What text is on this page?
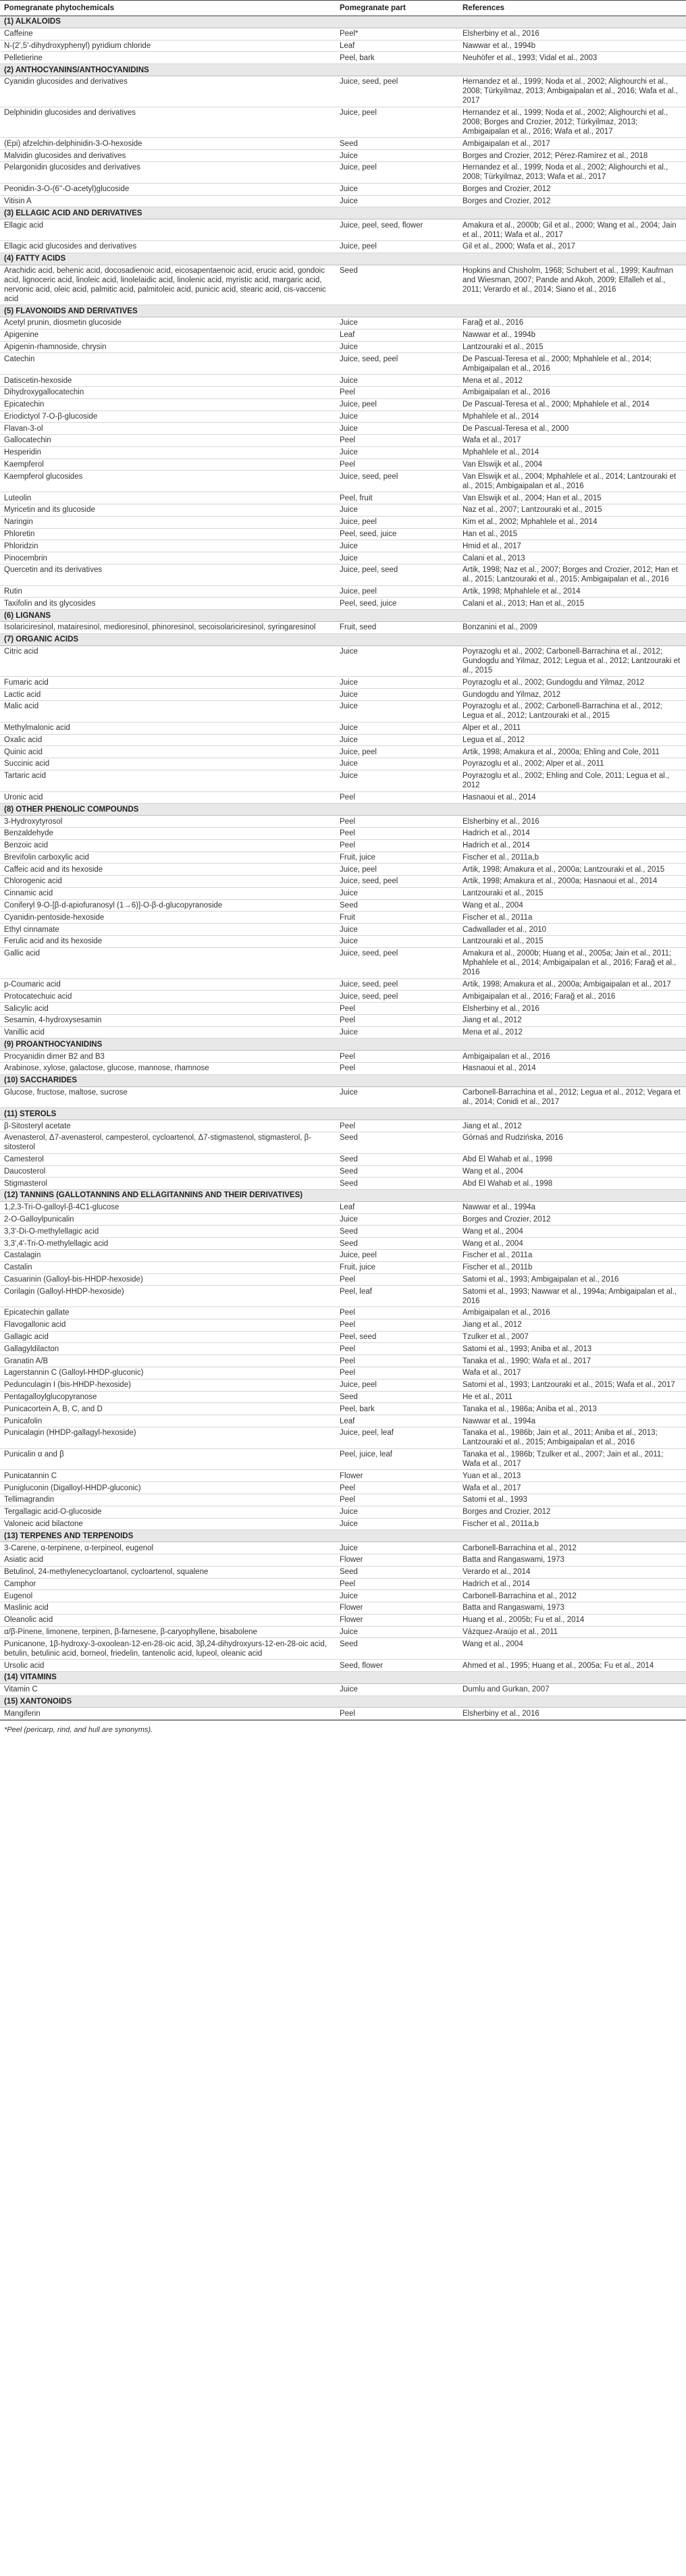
Pomegranate phytochemicals	Pomegranate part	References
(1) ALKALOIDS		
Caffeine	Peel*	Elsherbiny et al., 2016
N-(2',5'-dihydroxyphenyl) pyridium chloride	Leaf	Nawwar et al., 1994b
Pelletierine	Peel, bark	Neuhöfer et al., 1993; Vidal et al., 2003
(2) ANTHOCYANINS/ANTHOCYANIDINS		
Cyanidin glucosides and derivatives	Juice, seed, peel	Hernandez et al., 1999; Noda et al., 2002; Alighourchi et al., 2008; Türkyilmaz, 2013; Ambigaipalan et al., 2016; Wafa et al., 2017
Delphinidin glucosides and derivatives	Juice, peel	Hernandez et al., 1999; Noda et al., 2002; Alighourchi et al., 2008; Borges and Crozier, 2012; Türkyilmaz, 2013; Ambigaipalan et al., 2016; Wafa et al., 2017
(Epi) afzelchin-delphinidin-3-O-hexoside	Seed	Ambigaipalan et al., 2017
Malvidin glucosides and derivatives	Juice	Borges and Crozier, 2012; Pérez-Ramírez et al., 2018
Pelargonidin glucosides and derivatives	Juice, peel	Hernandez et al., 1999; Noda et al., 2002; Alighourchi et al., 2008; Türkyilmaz, 2013; Wafa et al., 2017
Peonidin-3-O-(6''-O-acetyl)glucoside	Juice	Borges and Crozier, 2012
Vitisin A	Juice	Borges and Crozier, 2012
(3) ELLAGIC ACID AND DERIVATIVES		
Ellagic acid	Juice, peel, seed, flower	Amakura et al., 2000b; Gil et al., 2000; Wang et al., 2004; Jain et al., 2011; Wafa et al., 2017
Ellagic acid glucosides and derivatives	Juice, peel	Gil et al., 2000; Wafa et al., 2017
(4) FATTY ACIDS		
Arachidic acid, behenic acid, docosadienoic acid, eicosapentaenoic acid, erucic acid, gondoic acid, lignoceric acid, linoleic acid, linolelaidic acid, linolenic acid, myristic acid, margaric acid, nervonic acid, oleic acid, palmitic acid, palmitoleic acid, punicic acid, stearic acid, cis-vaccenic acid	Seed	Hopkins and Chisholm, 1968; Schubert et al., 1999; Kaufman and Wiesman, 2007; Pande and Akoh, 2009; Elfalleh et al., 2011; Verardo et al., 2014; Siano et al., 2016
(5) FLAVONOIDS AND DERIVATIVES		
Acetyl prunin, diosmetin glucoside	Juice	Farağ et al., 2016
Apigenine	Leaf	Nawwar et al., 1994b
Apigenin-rhamnoside, chrysin	Juice	Lantzouraki et al., 2015
Catechin	Juice, seed, peel	De Pascual-Teresa et al., 2000; Mphahlele et al., 2014; Ambigaipalan et al., 2016
Datiscetin-hexoside	Juice	Mena et al., 2012
Dihydroxygallocatechin	Peel	Ambigaipalan et al., 2016
Epicatechin	Juice, peel	De Pascual-Teresa et al., 2000; Mphahlele et al., 2014
Eriodictyol 7-O-β-glucoside	Juice	Mphahlele et al., 2014
Flavan-3-ol	Juice	De Pascual-Teresa et al., 2000
Gallocatechin	Peel	Wafa et al., 2017
Hesperidin	Juice	Mphahlele et al., 2014
Kaempferol	Peel	Van Elswijk et al., 2004
Kaempferol glucosides	Juice, seed, peel	Van Elswijk et al., 2004; Mphahlele et al., 2014; Lantzouraki et al., 2015; Ambigaipalan et al., 2016
Luteolin	Peel, fruit	Van Elswijk et al., 2004; Han et al., 2015
Myricetin and its glucoside	Juice	Naz et al., 2007; Lantzouraki et al., 2015
Naringin	Juice, peel	Kim et al., 2002; Mphahlele et al., 2014
Phloretin	Peel, seed, juice	Han et al., 2015
Phloridzin	Juice	Hmid et al., 2017
Pinocembrin	Juice	Calani et al., 2013
Quercetin and its derivatives	Juice, peel, seed	Artik, 1998; Naz et al., 2007; Borges and Crozier, 2012; Han et al., 2015; Lantzouraki et al., 2015; Ambigaipalan et al., 2016
Rutin	Juice, peel	Artik, 1998; Mphahlele et al., 2014
Taxifolin and its glycosides	Peel, seed, juice	Calani et al., 2013; Han et al., 2015
(6) LIGNANS		
Isolariciresinol, matairesinol, medioresinol, phinoresinol, secoisolariciresinol, syringaresinol	Fruit, seed	Bonzanini et al., 2009
(7) ORGANIC ACIDS		
Citric acid	Juice	Poyrazoglu et al., 2002; Carbonell-Barrachina et al., 2012; Gundogdu and Yilmaz, 2012; Legua et al., 2012; Lantzouraki et al., 2015
Fumaric acid	Juice	Poyrazoglu et al., 2002; Gundogdu and Yilmaz, 2012
Lactic acid	Juice	Gundogdu and Yilmaz, 2012
Malic acid	Juice	Poyrazoglu et al., 2002; Carbonell-Barrachina et al., 2012; Legua et al., 2012; Lantzouraki et al., 2015
Methylmalonic acid	Juice	Alper et al., 2011
Oxalic acid	Juice	Legua et al., 2012
Quinic acid	Juice, peel	Artik, 1998; Amakura et al., 2000a; Ehling and Cole, 2011
Succinic acid	Juice	Poyrazoglu et al., 2002; Alper et al., 2011
Tartaric acid	Juice	Poyrazoglu et al., 2002; Ehling and Cole, 2011; Legua et al., 2012
Uronic acid	Peel	Hasnaoui et al., 2014
(8) OTHER PHENOLIC COMPOUNDS		
3-Hydroxytyrosol	Peel	Elsherbiny et al., 2016
Benzaldehyde	Peel	Hadrich et al., 2014
Benzoic acid	Peel	Hadrich et al., 2014
Brevifolin carboxylic acid	Fruit, juice	Fischer et al., 2011a,b
Caffeic acid and its hexoside	Juice, peel	Artik, 1998; Amakura et al., 2000a; Lantzouraki et al., 2015
Chlorogenic acid	Juice, seed, peel	Artik, 1998; Amakura et al., 2000a; Hasnaoui et al., 2014
Cinnamic acid	Juice	Lantzouraki et al., 2015
Coniferyl 9-O-[β-d-apiofuranosyl (1→6)]-O-β-d-glucopyranoside	Seed	Wang et al., 2004
Cyanidin-pentoside-hexoside	Fruit	Fischer et al., 2011a
Ethyl cinnamate	Juice	Cadwallader et al., 2010
Ferulic acid and its hexoside	Juice	Lantzouraki et al., 2015
Gallic acid	Juice, seed, peel	Amakura et al., 2000b; Huang et al., 2005a; Jain et al., 2011; Mphahlele et al., 2014; Ambigaipalan et al., 2016; Farağ et al., 2016
p-Coumaric acid	Juice, seed, peel	Artik, 1998; Amakura et al., 2000a; Ambigaipalan et al., 2017
Protocatechuic acid	Juice, seed, peel	Ambigaipalan et al., 2016; Farağ et al., 2016
Salicylic acid	Peel	Elsherbiny et al., 2016
Sesamin, 4-hydroxysesamin	Peel	Jiang et al., 2012
Vanillic acid	Juice	Mena et al., 2012
(9) PROANTHOCYANIDINS		
Procyanidin dimer B2 and B3	Peel	Ambigaipalan et al., 2016
Arabinose, xylose, galactose, glucose, mannose, rhamnose	Peel	Hasnaoui et al., 2014
(10) SACCHARIDES		
Glucose, fructose, maltose, sucrose	Juice	Carbonell-Barrachina et al., 2012; Legua et al., 2012; Vegara et al., 2014; Conidi et al., 2017
(11) STEROLS		
β-Sitosteryl acetate	Peel	Jiang et al., 2012
Avenasterol, Δ7-avenasterol, campesterol, cycloartenol, Δ7-stigmastenol, stigmasterol, β-sitosterol	Seed	Górnaś and Rudzińska, 2016
Camesterol	Seed	Abd El Wahab et al., 1998
Daucosterol	Seed	Wang et al., 2004
Stigmasterol	Seed	Abd El Wahab et al., 1998
(12) TANNINS (GALLOTANNINS AND ELLAGITANNINS AND THEIR DERIVATIVES)		
1,2,3-Tri-O-galloyl-β-4C1-glucose	Leaf	Nawwar et al., 1994a
2-O-Galloylpunicalin	Juice	Borges and Crozier, 2012
3,3'-Di-O-methylellagic acid	Seed	Wang et al., 2004
3,3',4'-Tri-O-methylellagic acid	Seed	Wang et al., 2004
Castalagin	Juice, peel	Fischer et al., 2011a
Castalin	Fruit, juice	Fischer et al., 2011b
Casuarinin (Galloyl-bis-HHDP-hexoside)	Peel	Satomi et al., 1993; Ambigaipalan et al., 2016
Corilagin (Galloyl-HHDP-hexoside)	Peel, leaf	Satomi et al., 1993; Nawwar et al., 1994a; Ambigaipalan et al., 2016
Epicatechin gallate	Peel	Ambigaipalan et al., 2016
Flavogallonic acid	Peel	Jiang et al., 2012
Gallagic acid	Peel, seed	Tzulker et al., 2007
Gallagyldilacton	Peel	Satomi et al., 1993; Aniba et al., 2013
Granatin A/B	Peel	Tanaka et al., 1990; Wafa et al., 2017
Lagerstannin C (Galloyl-HHDP-gluconic)	Peel	Wafa et al., 2017
Pedunculagin I (bis-HHDP-hexoside)	Juice, peel	Satomi et al., 1993; Lantzouraki et al., 2015; Wafa et al., 2017
Pentagalloylglucopyranose	Seed	He et al., 2011
Punicacortein A, B, C, and D	Peel, bark	Tanaka et al., 1986a; Aniba et al., 2013
Punicafolin	Leaf	Nawwar et al., 1994a
Punicalagin (HHDP-gallagyl-hexoside)	Juice, peel, leaf	Tanaka et al., 1986b; Jain et al., 2011; Aniba et al., 2013; Lantzouraki et al., 2015; Ambigaipalan et al., 2016
Punicalin α and β	Peel, juice, leaf	Tanaka et al., 1986b; Tzulker et al., 2007; Jain et al., 2011; Wafa et al., 2017
Punicatannin C	Flower	Yuan et al., 2013
Punigluconin (Digalloyl-HHDP-gluconic)	Peel	Wafa et al., 2017
Tellimagrandin	Peel	Satomi et al., 1993
Tergallagic acid-O-glucoside	Juice	Borges and Crozier, 2012
Valoneic acid bilactone	Juice	Fischer et al., 2011a,b
(13) TERPENES AND TERPENOIDS		
3-Carene, α-terpinene, α-terpineol, eugenol	Juice	Carbonell-Barrachina et al., 2012
Asiatic acid	Flower	Batta and Rangaswami, 1973
Betulinol, 24-methylenecycloartanol, cycloartenol, squalene	Seed	Verardo et al., 2014
Camphor	Peel	Hadrich et al., 2014
Eugenol	Juice	Carbonell-Barrachina et al., 2012
Maslinic acid	Flower	Batta and Rangaswami, 1973
Oleanolic acid	Flower	Huang et al., 2005b; Fu et al., 2014
α/β-Pinene, limonene, terpinen, β-farnesene, β-caryophyllene, bisabolene	Juice	Vázquez-Araújo et al., 2011
Punicanone, 1β-hydroxy-3-oxoolean-12-en-28-oic acid, 3β,24-dihydroxyurs-12-en-28-oic acid, betulin, betulinic acid, borneol, friedelin, tantenolic acid, lupeol, oleanic acid	Seed	Wang et al., 2004
Ursolic acid	Seed, flower	Ahmed et al., 1995; Huang et al., 2005a; Fu et al., 2014
(14) VITAMINS		
Vitamin C	Juice	Dumlu and Gurkan, 2007
(15) XANTONOIDS		
Mangiferin	Peel	Elsherbiny et al., 2016
*Peel (pericarp, rind, and hull are synonyms).
